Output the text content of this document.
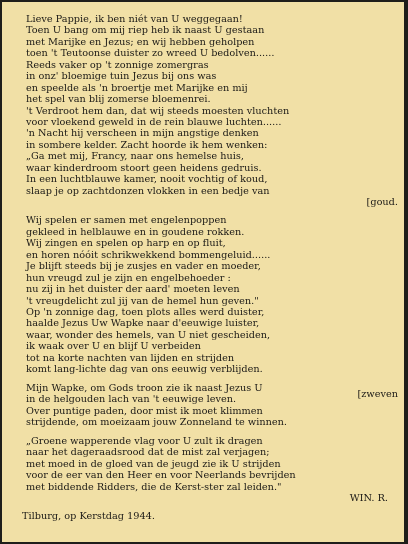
Lieve Pappie, ik ben niét van U weggegaan!
Toen U bang om mij riep heb ik naast U gestaan
met Marijke en Jezus; en wij hebben geholpen
toen 't Teutoonse duister zo wreed U bedolven......
Reeds vaker op 't zonnige zomergras
in onz' bloemige tuin Jezus bij ons was
en speelde als 'n broertje met Marijke en mij
het spel van blij zomerse bloemenrei.
't Verdroot hem dan, dat wij steeds moesten vluchten
voor vloekend geweld in de rein blauwe luchten......
'n Nacht hij verscheen in mijn angstige denken
in sombere kelder. Zacht hoorde ik hem wenken:
„Ga met mij, Francy, naar ons hemelse huis,
waar kinderdroom stoort geen heidens gedruis.
In een luchtblauwe kamer, nooit vochtig of koud,
slaap je op zachtdonzen vlokken in een bedje van
[goud.
Wij spelen er samen met engelenpoppen
gekleed in helblauwe en in goudene rokken.
Wij zingen en spelen op harp en op fluit,
en horen nóóit schrikwekkend bommengeluid......
Je blijft steeds bij je zusjes en vader en moeder,
hun vreugd zul je zijn en engelbehoeder :
nu zij in het duister der aard' moeten leven
't vreugdelicht zul jij van de hemel hun geven."
Op 'n zonnige dag, toen plots alles werd duister,
haalde Jezus Uw Wapke naar d'eeuwige luister,
waar, wonder des hemels, van U niet gescheiden,
ik waak over U en blijf U verbeiden
tot na korte nachten van lijden en strijden
komt lang-lichte dag van ons eeuwig verblijden.
Mijn Wapke, om Gods troon zie ik naast Jezus U
[zweven
in de helgouden lach van 't eeuwige leven.
Over puntige paden, door mist ik moet klimmen
strijdende, om moeizaam jouw Zonneland te winnen.
„Groene wapperende vlag voor U zult ik dragen
naar het dageraadsrood dat de mist zal verjagen;
met moed in de gloed van de jeugd zie ik U strijden
voor de eer van den Heer en voor Neerlands bevrijden
met biddende Ridders, die de Kerst-ster zal leiden."
WIN. R.
Tilburg, op Kerstdag 1944.
